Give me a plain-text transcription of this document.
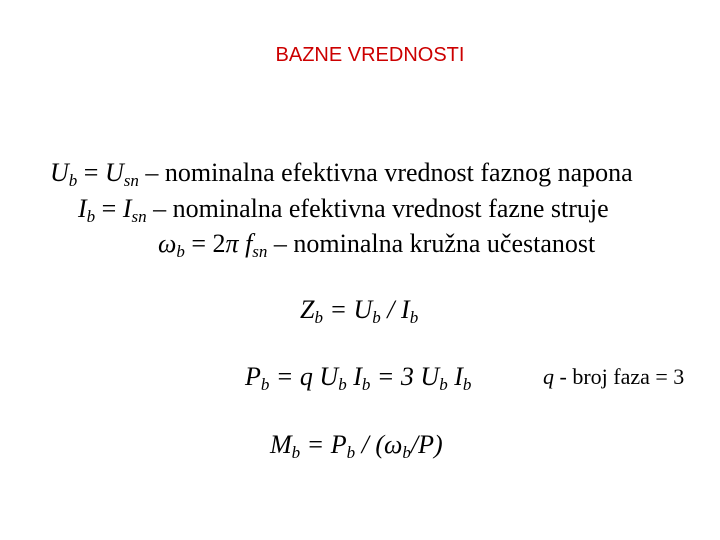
BAZNE VREDNOSTI
$U_b = U_{sn}$ – nominalna efektivna vrednost faznog napona
$I_b = I_{sn}$ – nominalna efektivna vrednost fazne struje
$\omega_b = 2\pi$ $f_{sn}$ – nominalna kružna učestanost
$Z_b = U_b / I_b$
$P_b = q$ $U_b$ $I_b = 3$ $U_b$ $I_b$	q - broj faza = 3
$M_b = P_b / (\omega_b/P)$
